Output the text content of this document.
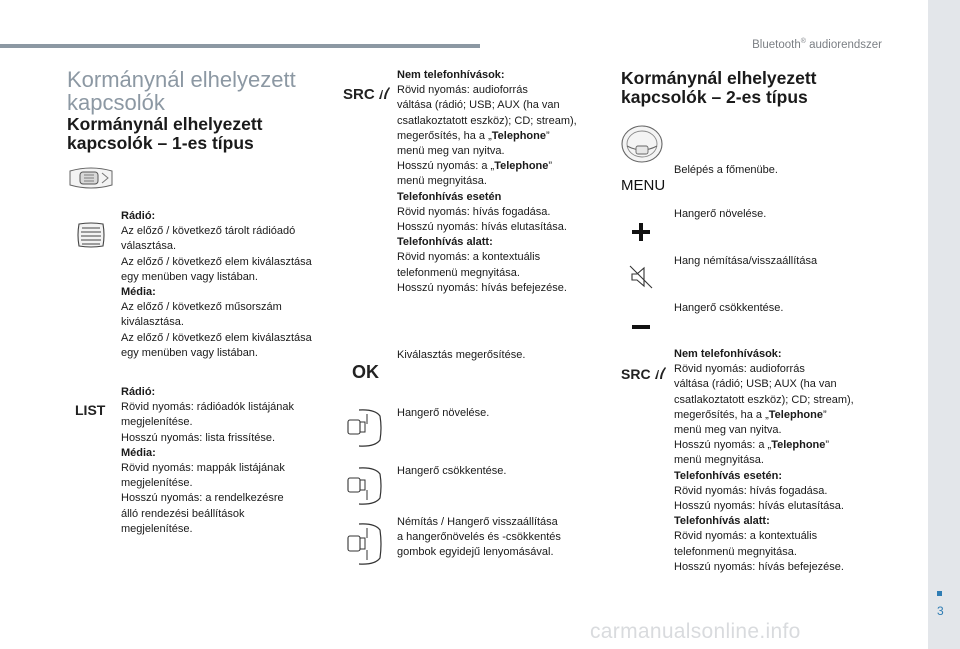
Bluetooth® audiorendszer
3
carmanualsonline.info
Kormánynál elhelyezett
kapcsolók
Kormánynál elhelyezett
kapcsolók – 1-es típus
Rádió:
Az előző / következő tárolt rádióadó
választása.
Az előző / következő elem kiválasztása
egy menüben vagy listában.
Média:
Az előző / következő műsorszám
kiválasztása.
Az előző / következő elem kiválasztása
egy menüben vagy listában.
LIST
Rádió:
Rövid nyomás: rádióadók listájának
megjelenítése.
Hosszú nyomás: lista frissítése.
Média:
Rövid nyomás: mappák listájának
megjelenítése.
Hosszú nyomás: a rendelkezésre
álló rendezési beállítások
megjelenítése.
SRC
Nem telefonhívások:
Rövid nyomás: audioforrás
váltása (rádió; USB; AUX (ha van
csatlakoztatott eszköz); CD; stream),
megerősítés, ha a „Telephone”
menü meg van nyitva.
Hosszú nyomás: a „Telephone”
menü megnyitása.
Telefonhívás esetén
Rövid nyomás: hívás fogadása.
Hosszú nyomás: hívás elutasítása.
Telefonhívás alatt:
Rövid nyomás: a kontextuális
telefonmenü megnyitása.
Hosszú nyomás: hívás befejezése.
OK
Kiválasztás megerősítése.
Hangerő növelése.
Hangerő csökkentése.
Némítás / Hangerő visszaállítása
a hangerőnövelés és -csökkentés
gombok egyidejű lenyomásával.
Kormánynál elhelyezett
kapcsolók – 2-es típus
MENU
Belépés a főmenübe.
Hangerő növelése.
Hang némítása/visszaállítása
Hangerő csökkentése.
SRC
Nem telefonhívások:
Rövid nyomás: audioforrás
váltása (rádió; USB; AUX (ha van
csatlakoztatott eszköz); CD; stream),
megerősítés, ha a „Telephone”
menü meg van nyitva.
Hosszú nyomás: a „Telephone”
menü megnyitása.
Telefonhívás esetén:
Rövid nyomás: hívás fogadása.
Hosszú nyomás: hívás elutasítása.
Telefonhívás alatt:
Rövid nyomás: a kontextuális
telefonmenü megnyitása.
Hosszú nyomás: hívás befejezése.
